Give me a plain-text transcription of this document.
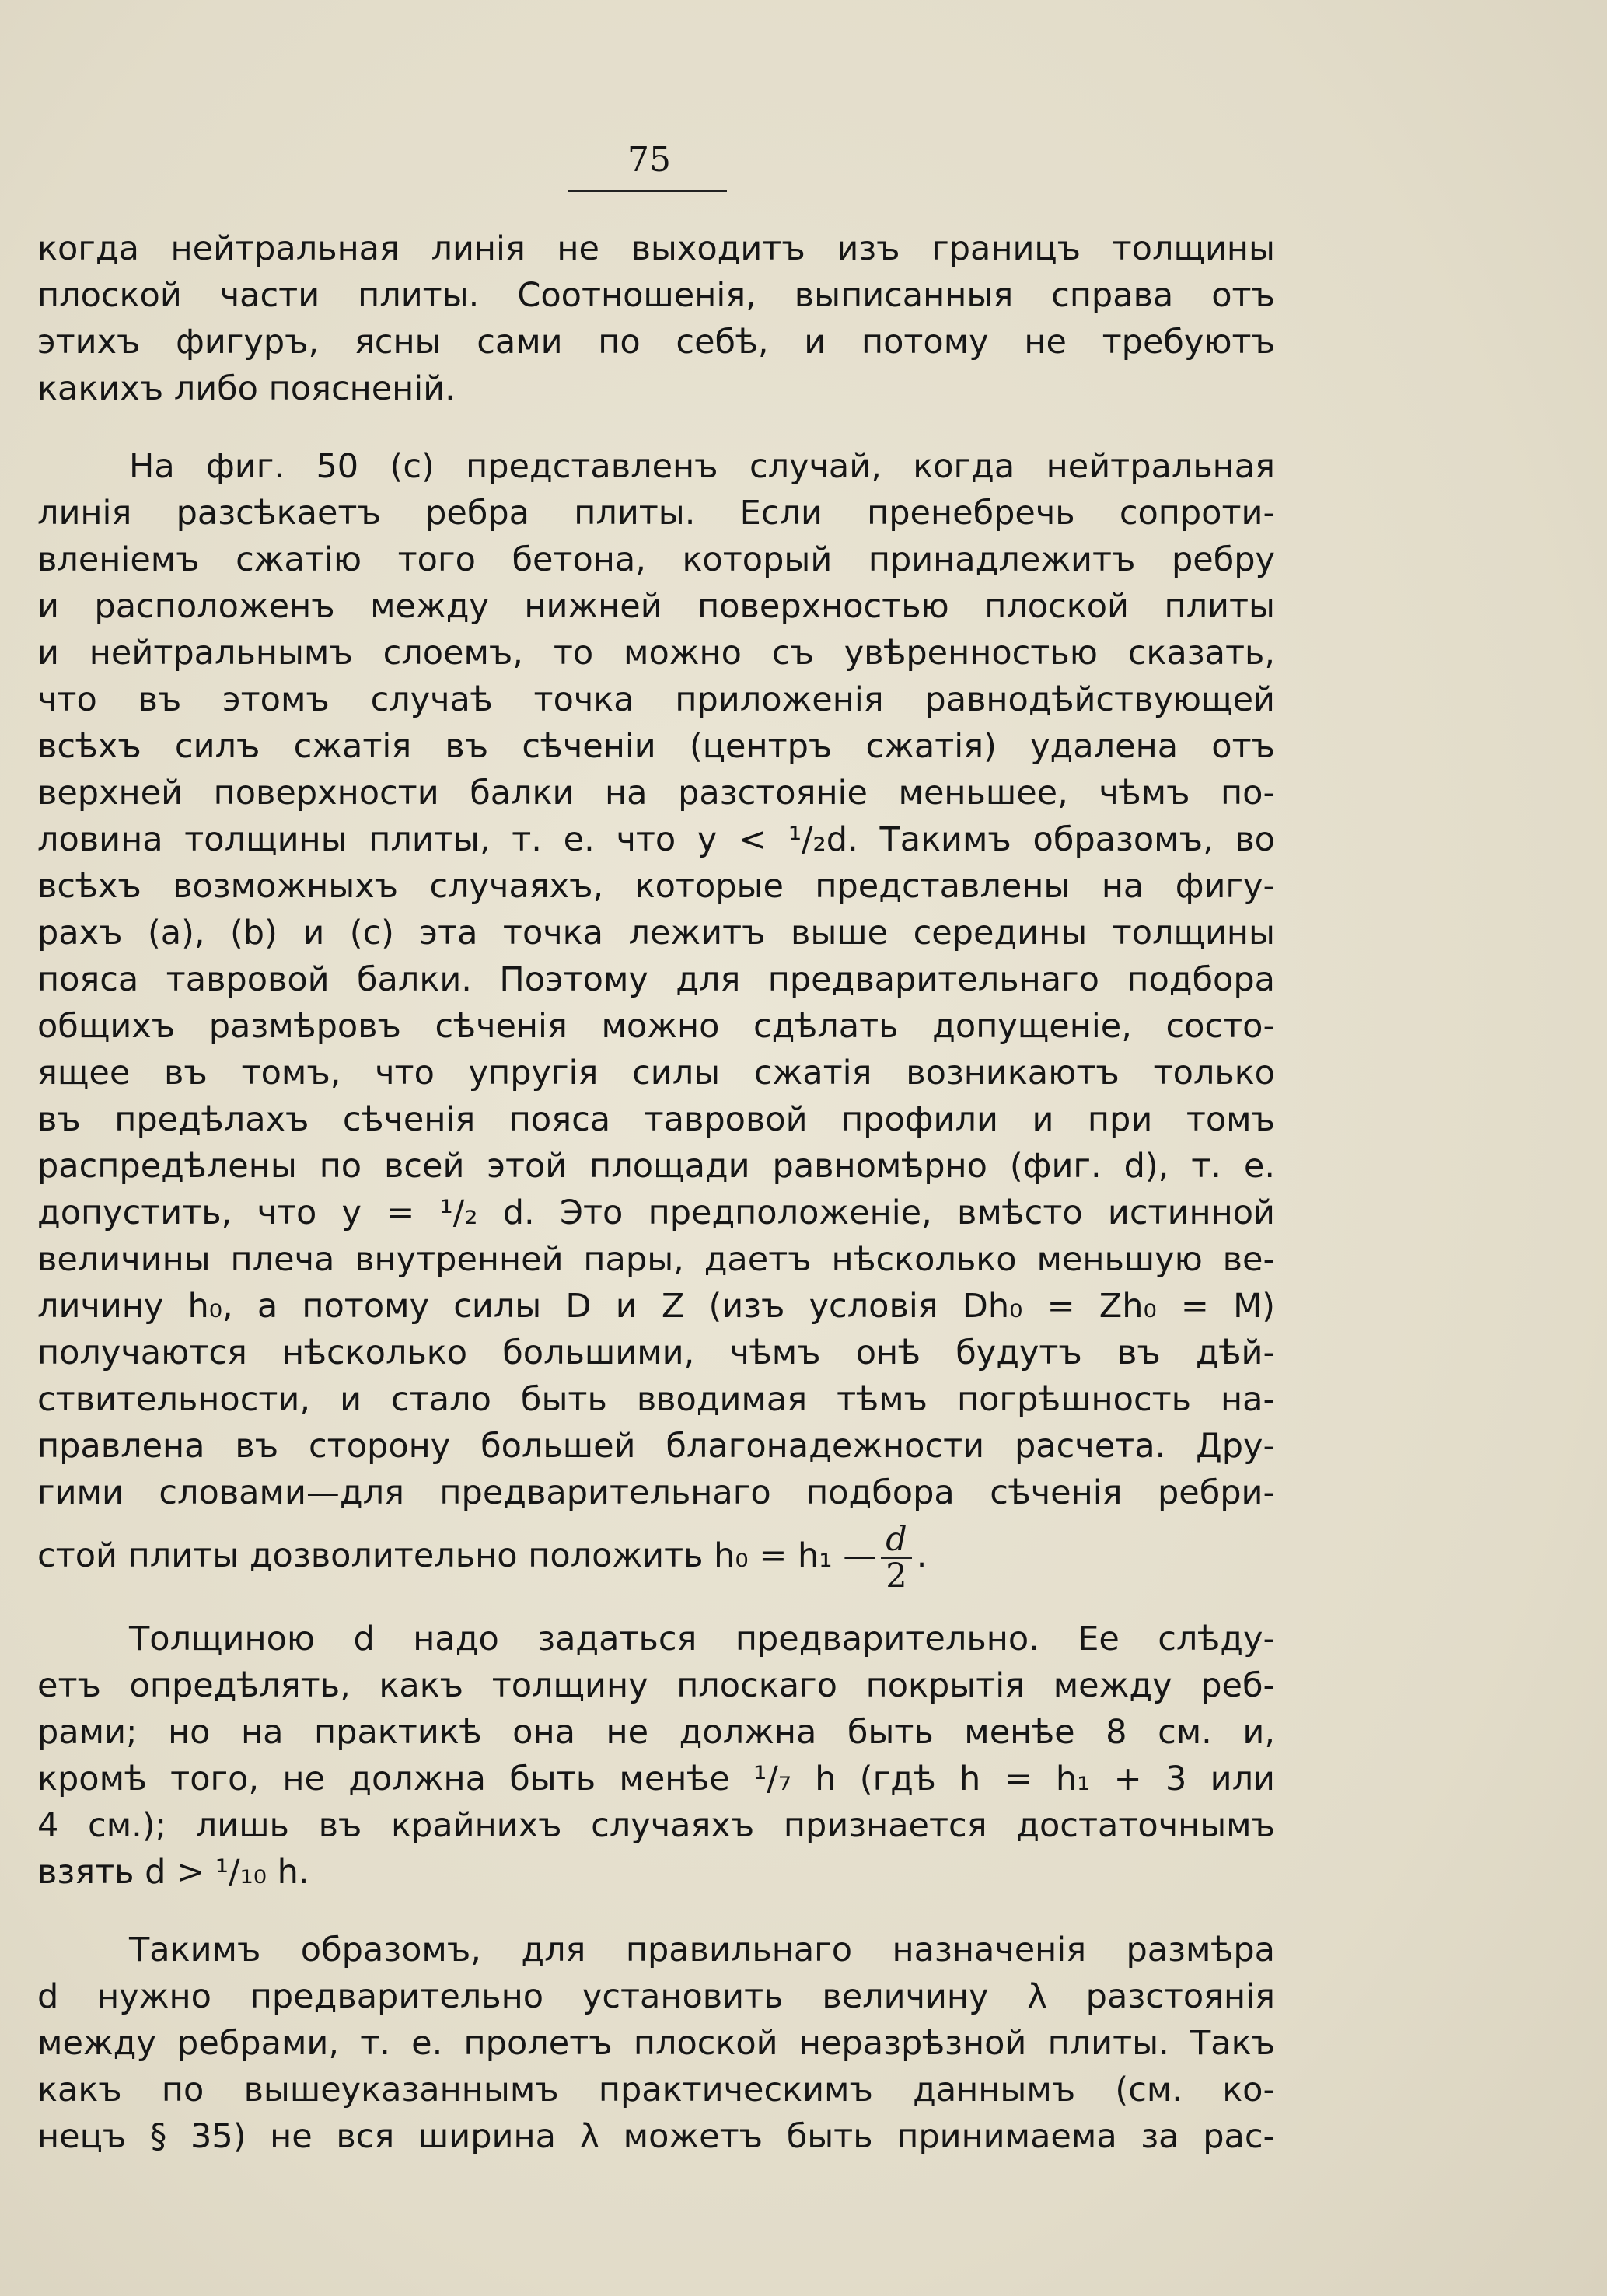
75
когда нейтральная линія не выходитъ изъ границъ толщины
плоской части плиты. Соотношенія, выписанныя справа отъ
этихъ фигуръ, ясны сами по себѣ, и потому не требуютъ
какихъ либо поясненій.
На фиг. 50 (c) представленъ случай, когда нейтральная
линія разсѣкаетъ ребра плиты. Если пренебречь сопроти-
вленіемъ сжатію того бетона, который принадлежитъ ребру
и расположенъ между нижней поверхностью плоской плиты
и нейтральнымъ слоемъ, то можно съ увѣренностью сказать,
что въ этомъ случаѣ точка приложенія равнодѣйствующей
всѣхъ силъ сжатія въ сѣченіи (центръ сжатія) удалена отъ
верхней поверхности балки на разстояніе меньшее, чѣмъ по-
ловина толщины плиты, т. е. что y < ¹/₂d. Такимъ образомъ, во
всѣхъ возможныхъ случаяхъ, которые представлены на фигу-
рахъ (a), (b) и (c) эта точка лежитъ выше середины толщины
пояса тавровой балки. Поэтому для предварительнаго подбора
общихъ размѣровъ сѣченія можно сдѣлать допущеніе, состо-
ящее въ томъ, что упругія силы сжатія возникаютъ только
въ предѣлахъ сѣченія пояса тавровой профили и при томъ
распредѣлены по всей этой площади равномѣрно (фиг. d), т. е.
допустить, что y = ¹/₂ d. Это предположеніе, вмѣсто истинной
величины плеча внутренней пары, даетъ нѣсколько меньшую ве-
личину h₀, а потому силы D и Z (изъ условія Dh₀ = Zh₀ = M)
получаются нѣсколько большими, чѣмъ онѣ будутъ въ дѣй-
ствительности, и стало быть вводимая тѣмъ погрѣшность на-
правлена въ сторону большей благонадежности расчета. Дру-
гими словами—для предварительнаго подбора сѣченія ребри-
стой плиты дозволительно положить h₀ = h₁ — $\frac{d}{2}$ .
Толщиною d надо задаться предварительно. Ее слѣду-
етъ опредѣлять, какъ толщину плоскаго покрытія между реб-
рами; но на практикѣ она не должна быть менѣе 8 см. и,
кромѣ того, не должна быть менѣе ¹/₇ h (гдѣ h = h₁ + 3 или
4 см.); лишь въ крайнихъ случаяхъ признается достаточнымъ
взять d > ¹/₁₀ h.
Такимъ образомъ, для правильнаго назначенія размѣра
d нужно предварительно установить величину λ разстоянія
между ребрами, т. е. пролетъ плоской неразрѣзной плиты. Такъ
какъ по вышеуказаннымъ практическимъ даннымъ (см. ко-
нецъ § 35) не вся ширина λ можетъ быть принимаема за рас-
